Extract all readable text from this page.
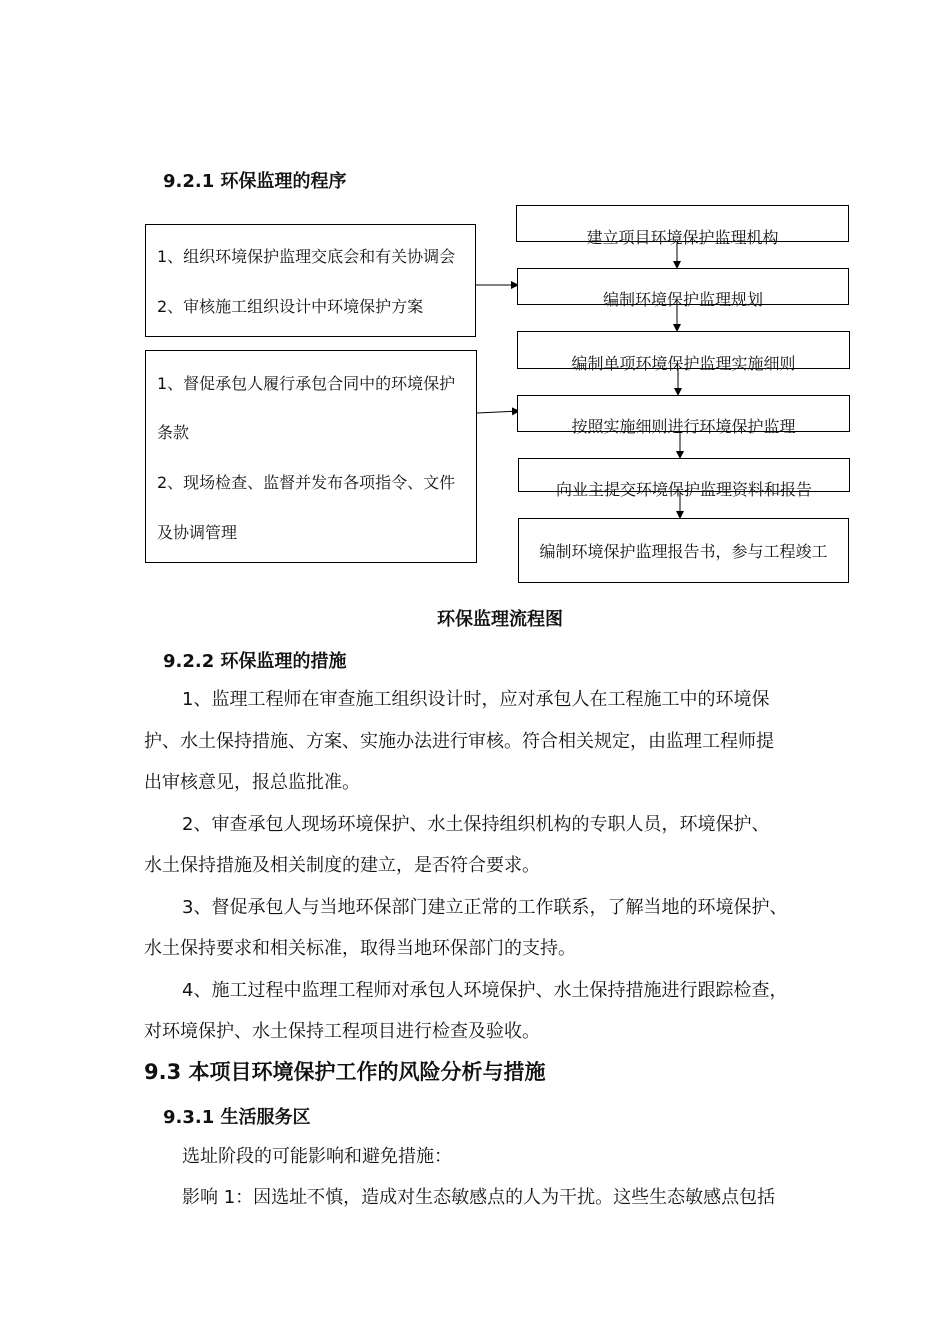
9.2.1 环保监理的程序
1、组织环境保护监理交底会和有关协调会
2、审核施工组织设计中环境保护方案
1、督促承包人履行承包合同中的环境保护
条款
2、现场检查、监督并发布各项指令、文件
及协调管理
建立项目环境保护监理机构
编制环境保护监理规划
编制单项环境保护监理实施细则
按照实施细则进行环境保护监理
向业主提交环境保护监理资料和报告
编制环境保护监理报告书，参与工程竣工
环保监理流程图
9.2.2 环保监理的措施
1、监理工程师在审查施工组织设计时，应对承包人在工程施工中的环境保
护、水土保持措施、方案、实施办法进行审核。符合相关规定，由监理工程师提
出审核意见，报总监批准。
2、审查承包人现场环境保护、水土保持组织机构的专职人员，环境保护、
水土保持措施及相关制度的建立，是否符合要求。
3、督促承包人与当地环保部门建立正常的工作联系，了解当地的环境保护、
水土保持要求和相关标准，取得当地环保部门的支持。
4、施工过程中监理工程师对承包人环境保护、水土保持措施进行跟踪检查，
对环境保护、水土保持工程项目进行检查及验收。
9.3 本项目环境保护工作的风险分析与措施
9.3.1 生活服务区
选址阶段的可能影响和避免措施：
影响 1：因选址不慎，造成对生态敏感点的人为干扰。这些生态敏感点包括
